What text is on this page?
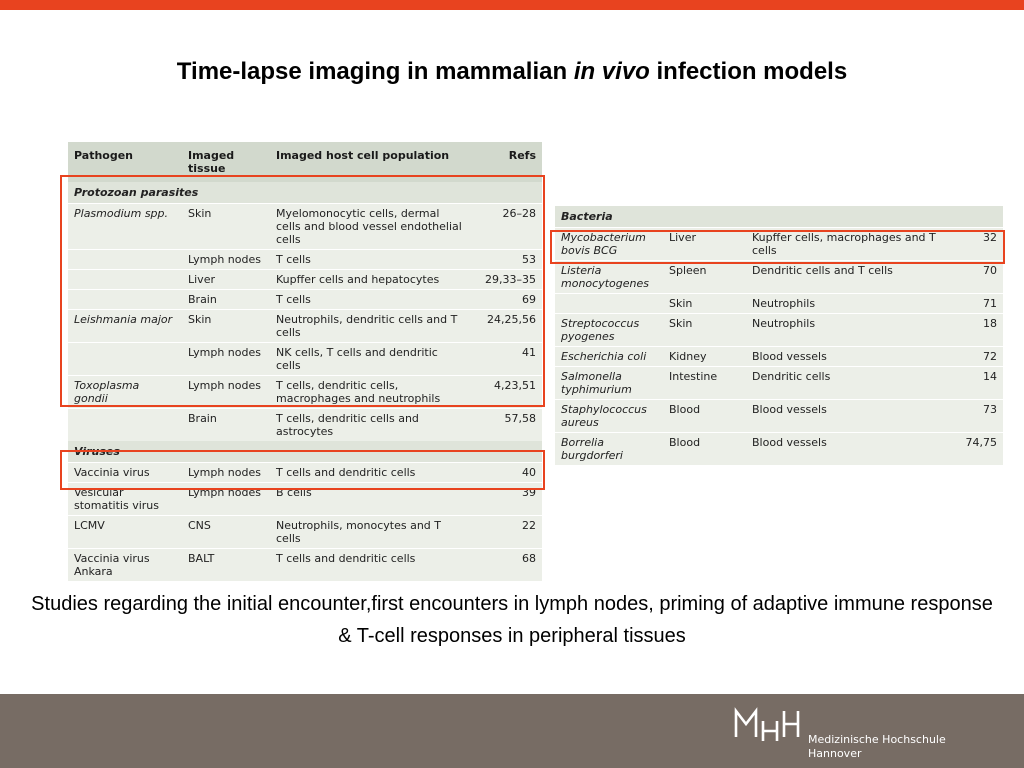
Time-lapse imaging in mammalian in vivo infection models
Pathogen	Imaged tissue	Imaged host cell population	Refs
Protozoan parasites			
Plasmodium spp.	Skin	Myelomonocytic cells, dermal cells and blood vessel endothelial cells	26–28
	Lymph nodes	T cells	53
	Liver	Kupffer cells and hepatocytes	29,33–35
	Brain	T cells	69
Leishmania major	Skin	Neutrophils, dendritic cells and T cells	24,25,56
	Lymph nodes	NK cells, T cells and dendritic cells	41
Toxoplasma gondii	Lymph nodes	T cells, dendritic cells, macrophages and neutrophils	4,23,51
	Brain	T cells, dendritic cells and astrocytes	57,58
Viruses			
Vaccinia virus	Lymph nodes	T cells and dendritic cells	40
Vesicular stomatitis virus	Lymph nodes	B cells	39
LCMV	CNS	Neutrophils, monocytes and T cells	22
Vaccinia virus Ankara	BALT	T cells and dendritic cells	68
Bacteria			
Mycobacterium bovis BCG	Liver	Kupffer cells, macrophages and T cells	32
Listeria monocytogenes	Spleen	Dendritic cells and T cells	70
	Skin	Neutrophils	71
Streptococcus pyogenes	Skin	Neutrophils	18
Escherichia coli	Kidney	Blood vessels	72
Salmonella typhimurium	Intestine	Dendritic cells	14
Staphylococcus aureus	Blood	Blood vessels	73
Borrelia burgdorferi	Blood	Blood vessels	74,75
Studies regarding the initial encounter,first encounters in lymph nodes, priming of adaptive immune response & T-cell responses in peripheral tissues
Medizinische Hochschule
Hannover
